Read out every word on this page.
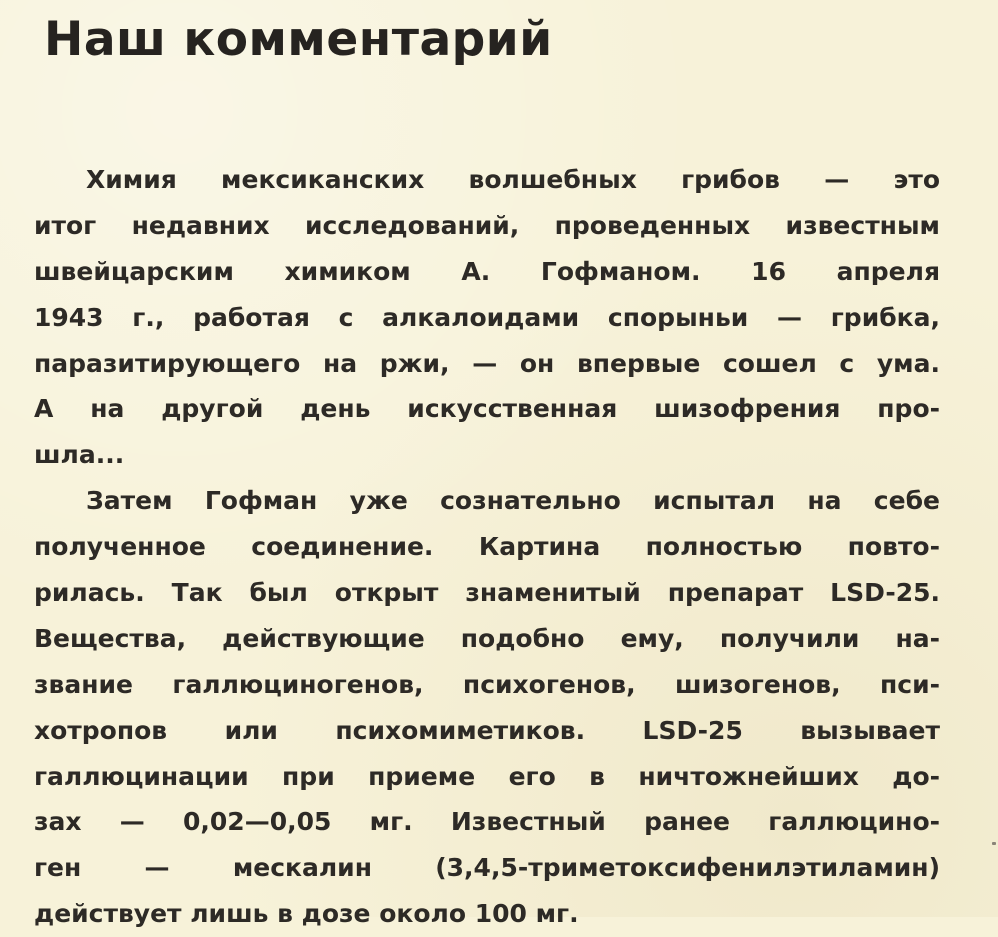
Наш комментарий
Химия мексиканских волшебных грибов — это
итог недавних исследований, проведенных известным
швейцарским химиком А. Гофманом. 16 апреля
1943 г., работая с алкалоидами спорыньи — грибка,
паразитирующего на ржи, — он впервые сошел с ума.
А на другой день искусственная шизофрения про-
шла...
Затем Гофман уже сознательно испытал на себе
полученное соединение. Картина полностью повто-
рилась. Так был открыт знаменитый препарат LSD-25.
Вещества, действующие подобно ему, получили на-
звание галлюциногенов, психогенов, шизогенов, пси-
хотропов или психомиметиков. LSD-25 вызывает
галлюцинации при приеме его в ничтожнейших до-
зах — 0,02—0,05 мг. Известный ранее галлюцино-
ген — мескалин (3,4,5-триметоксифенилэтиламин)
действует лишь в дозе около 100 мг.
